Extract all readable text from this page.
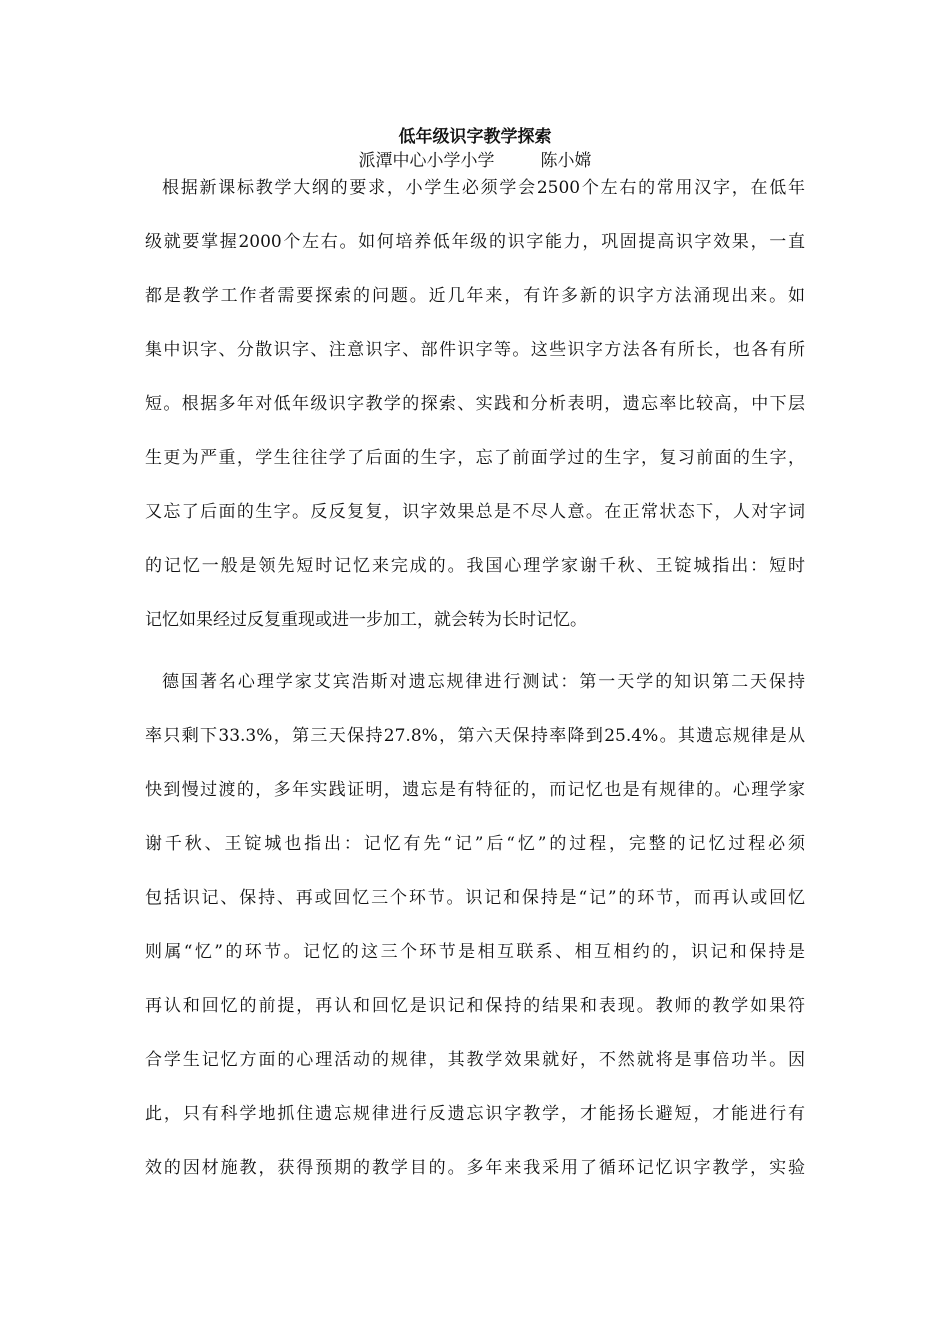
低年级识字教学探索
派潭中心小学小学	陈小嫦
根据新课标教学大纲的要求，小学生必须学会2500个左右的常用汉字，在低年
级就要掌握2000个左右。如何培养低年级的识字能力，巩固提高识字效果，一直
都是教学工作者需要探索的问题。近几年来，有许多新的识字方法涌现出来。如
集中识字、分散识字、注意识字、部件识字等。这些识字方法各有所长，也各有所
短。根据多年对低年级识字教学的探索、实践和分析表明，遗忘率比较高，中下层
生更为严重，学生往往学了后面的生字，忘了前面学过的生字，复习前面的生字，
又忘了后面的生字。反反复复，识字效果总是不尽人意。在正常状态下，人对字词
的记忆一般是领先短时记忆来完成的。我国心理学家谢千秋、王锭城指出：短时
记忆如果经过反复重现或进一步加工，就会转为长时记忆。
德国著名心理学家艾宾浩斯对遗忘规律进行测试：第一天学的知识第二天保持
率只剩下33.3%，第三天保持27.8%，第六天保持率降到25.4%。其遗忘规律是从
快到慢过渡的，多年实践证明，遗忘是有特征的，而记忆也是有规律的。心理学家
谢千秋、王锭城也指出：记忆有先“记”后“忆”的过程，完整的记忆过程必须
包括识记、保持、再或回忆三个环节。识记和保持是“记”的环节，而再认或回忆
则属“忆”的环节。记忆的这三个环节是相互联系、相互相约的，识记和保持是
再认和回忆的前提，再认和回忆是识记和保持的结果和表现。教师的教学如果符
合学生记忆方面的心理活动的规律，其教学效果就好，不然就将是事倍功半。因
此，只有科学地抓住遗忘规律进行反遗忘识字教学，才能扬长避短，才能进行有
效的因材施教，获得预期的教学目的。多年来我采用了循环记忆识字教学，实验
